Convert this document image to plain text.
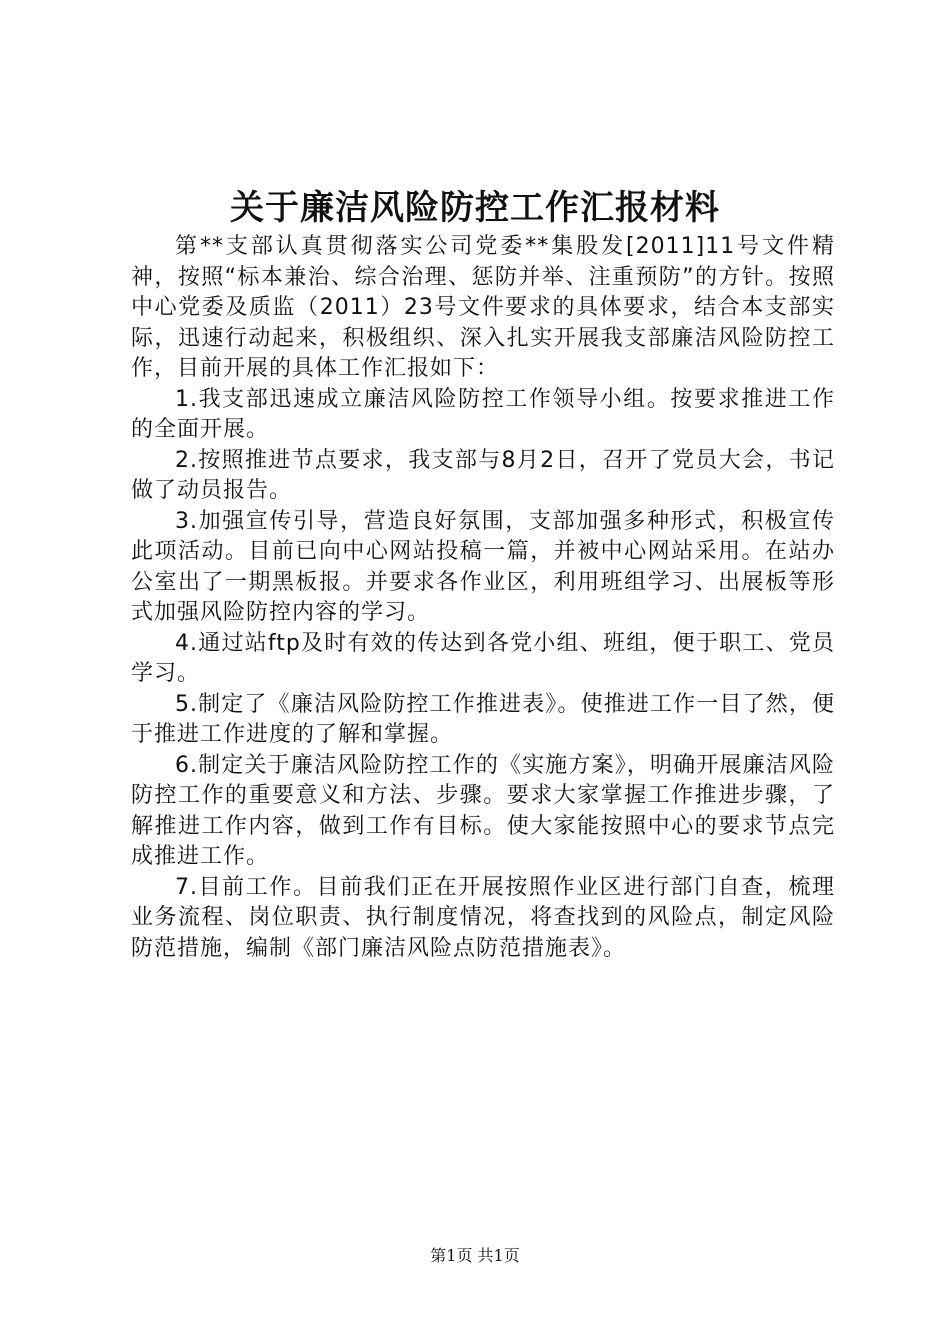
关于廉洁风险防控工作汇报材料

第**支部认真贯彻落实公司党委**集股发[2011]11号文件精神，按照“标本兼治、综合治理、惩防并举、注重预防”的方针。按照中心党委及质监（2011）23号文件要求的具体要求，结合本支部实际，迅速行动起来，积极组织、深入扎实开展我支部廉洁风险防控工作，目前开展的具体工作汇报如下：

1.我支部迅速成立廉洁风险防控工作领导小组。按要求推进工作的全面开展。

2.按照推进节点要求，我支部与8月2日，召开了党员大会，书记做了动员报告。

3.加强宣传引导，营造良好氛围，支部加强多种形式，积极宣传此项活动。目前已向中心网站投稿一篇，并被中心网站采用。在站办公室出了一期黑板报。并要求各作业区，利用班组学习、出展板等形式加强风险防控内容的学习。

4.通过站ftp及时有效的传达到各党小组、班组，便于职工、党员学习。

5.制定了《廉洁风险防控工作推进表》。使推进工作一目了然，便于推进工作进度的了解和掌握。

6.制定关于廉洁风险防控工作的《实施方案》，明确开展廉洁风险防控工作的重要意义和方法、步骤。要求大家掌握工作推进步骤，了解推进工作内容，做到工作有目标。使大家能按照中心的要求节点完成推进工作。

7.目前工作。目前我们正在开展按照作业区进行部门自查，梳理业务流程、岗位职责、执行制度情况，将查找到的风险点，制定风险防范措施，编制《部门廉洁风险点防范措施表》。

第1页 共1页
